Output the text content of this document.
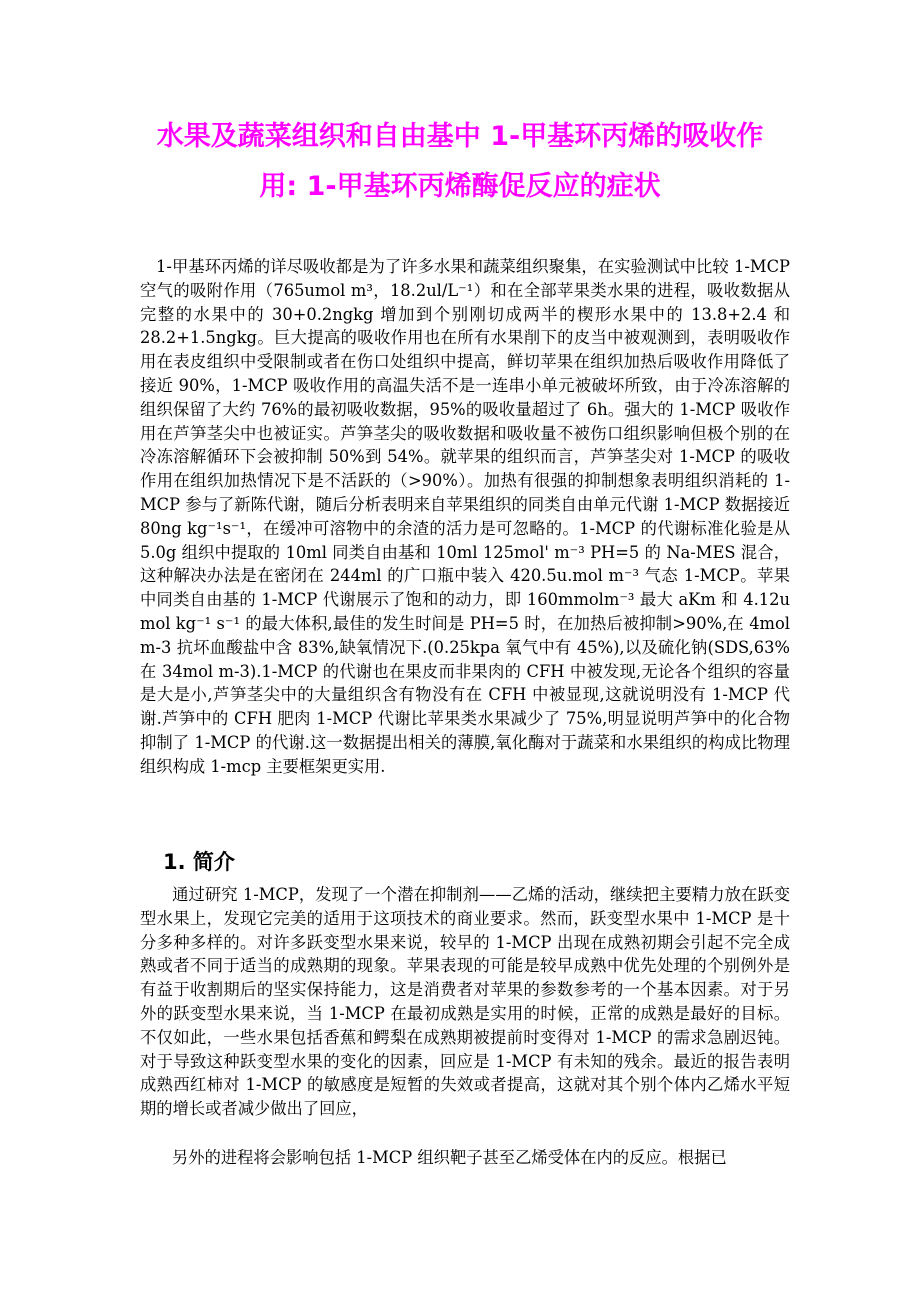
水果及蔬菜组织和自由基中 1-甲基环丙烯的吸收作
用: 1-甲基环丙烯酶促反应的症状
1-甲基环丙烯的详尽吸收都是为了许多水果和蔬菜组织聚集，在实验测试中比较 1-MCP 空气的吸附作用（765umol m³，18.2ul/L⁻¹）和在全部苹果类水果的进程，吸收数据从完整的水果中的 30+0.2ngkg 增加到个别刚切成两半的楔形水果中的 13.8+2.4 和 28.2+1.5ngkg。巨大提高的吸收作用也在所有水果削下的皮当中被观测到，表明吸收作用在表皮组织中受限制或者在伤口处组织中提高，鲜切苹果在组织加热后吸收作用降低了接近 90%，1-MCP 吸收作用的高温失活不是一连串小单元被破坏所致，由于冷冻溶解的组织保留了大约 76%的最初吸收数据，95%的吸收量超过了 6h。强大的 1-MCP 吸收作用在芦笋茎尖中也被证实。芦笋茎尖的吸收数据和吸收量不被伤口组织影响但极个别的在冷冻溶解循环下会被抑制 50%到 54%。就苹果的组织而言，芦笋茎尖对 1-MCP 的吸收作用在组织加热情况下是不活跃的（>90%）。加热有很强的抑制想象表明组织消耗的 1-MCP 参与了新陈代谢，随后分析表明来自苹果组织的同类自由单元代谢 1-MCP 数据接近 80ng kg⁻¹s⁻¹，在缓冲可溶物中的余渣的活力是可忽略的。1-MCP 的代谢标准化验是从 5.0g 组织中提取的 10ml 同类自由基和 10ml 125mol' m⁻³ PH=5 的 Na-MES 混合，这种解决办法是在密闭在 244ml 的广口瓶中装入 420.5u.mol m⁻³ 气态 1-MCP。苹果中同类自由基的 1-MCP 代谢展示了饱和的动力，即 160mmolm⁻³ 最大 aKm 和 4.12u mol kg⁻¹ s⁻¹ 的最大体积,最佳的发生时间是 PH=5 时，在加热后被抑制>90%,在 4mol m-3 抗坏血酸盐中含 83%,缺氧情况下.(0.25kpa 氧气中有 45%),以及硫化钠(SDS,63%在 34mol m-3).1-MCP 的代谢也在果皮而非果肉的 CFH 中被发现,无论各个组织的容量是大是小,芦笋茎尖中的大量组织含有物没有在 CFH 中被显现,这就说明没有 1-MCP 代谢.芦笋中的 CFH 肥肉 1-MCP 代谢比苹果类水果减少了 75%,明显说明芦笋中的化合物抑制了 1-MCP 的代谢.这一数据提出相关的薄膜,氧化酶对于蔬菜和水果组织的构成比物理组织构成 1-mcp 主要框架更实用.
1. 简介
通过研究 1-MCP，发现了一个潜在抑制剂——乙烯的活动，继续把主要精力放在跃变型水果上，发现它完美的适用于这项技术的商业要求。然而，跃变型水果中 1-MCP 是十分多种多样的。对许多跃变型水果来说，较早的 1-MCP 出现在成熟初期会引起不完全成熟或者不同于适当的成熟期的现象。苹果表现的可能是较早成熟中优先处理的个别例外是有益于收割期后的坚实保持能力，这是消费者对苹果的参数参考的一个基本因素。对于另外的跃变型水果来说，当 1-MCP 在最初成熟是实用的时候，正常的成熟是最好的目标。不仅如此，一些水果包括香蕉和鳄梨在成熟期被提前时变得对 1-MCP 的需求急剧迟钝。对于导致这种跃变型水果的变化的因素，回应是 1-MCP 有未知的残余。最近的报告表明成熟西红柿对 1-MCP 的敏感度是短暂的失效或者提高，这就对其个别个体内乙烯水平短期的增长或者减少做出了回应，
另外的进程将会影响包括 1-MCP 组织靶子甚至乙烯受体在内的反应。根据已
